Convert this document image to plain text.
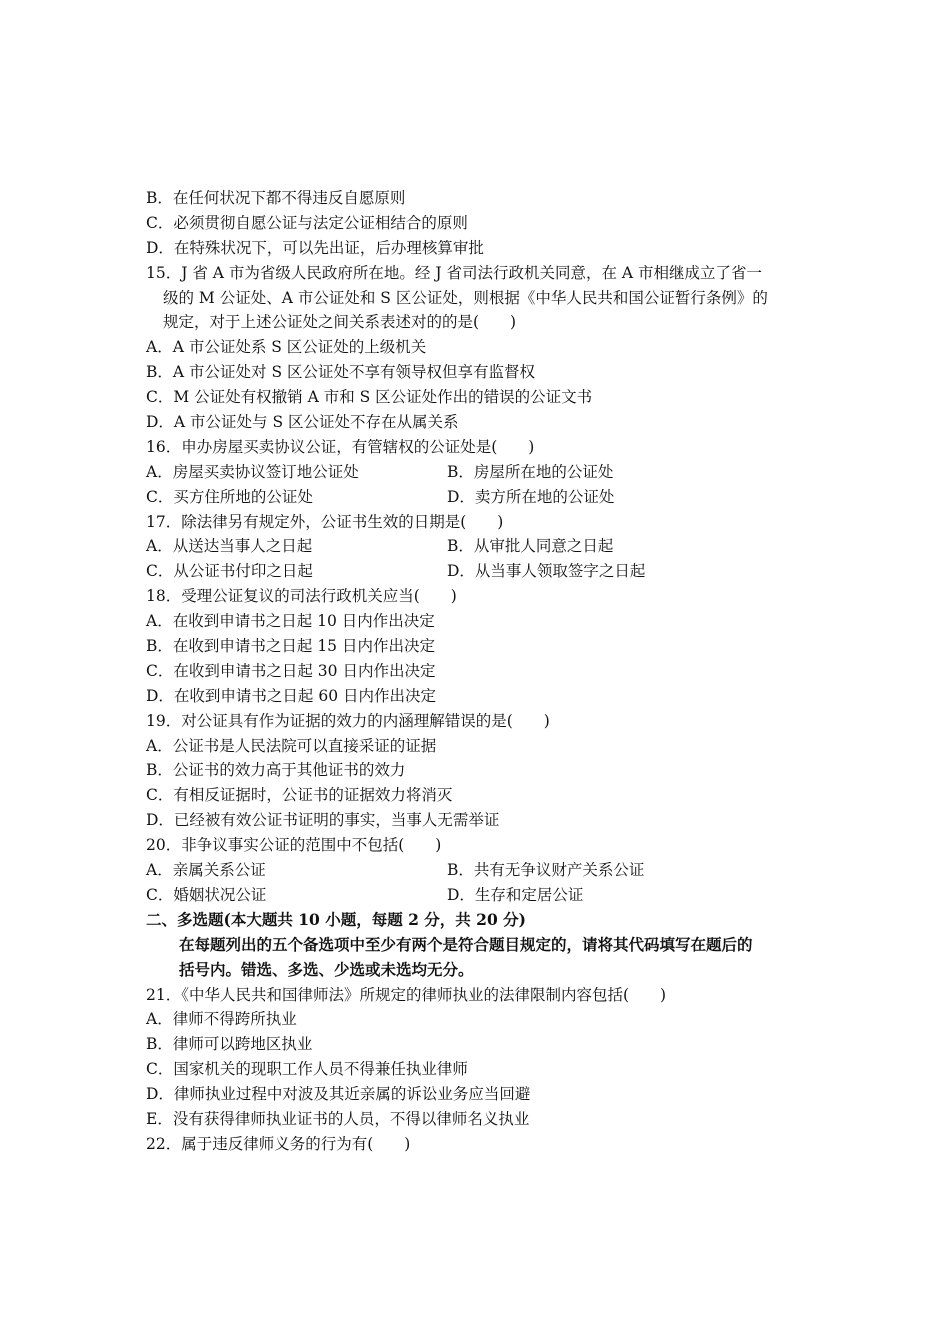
B．在任何状况下都不得违反自愿原则
C．必须贯彻自愿公证与法定公证相结合的原则
D．在特殊状况下，可以先出证，后办理核算审批
15．J 省 A 市为省级人民政府所在地。经 J 省司法行政机关同意，在 A 市相继成立了省一
级的 M 公证处、A 市公证处和 S 区公证处，则根据《中华人民共和国公证暂行条例》的
规定，对于上述公证处之间关系表述对的的是(　　)
A．A 市公证处系 S 区公证处的上级机关
B．A 市公证处对 S 区公证处不享有领导权但享有监督权
C．M 公证处有权撤销 A 市和 S 区公证处作出的错误的公证文书
D．A 市公证处与 S 区公证处不存在从属关系
16．申办房屋买卖协议公证，有管辖权的公证处是(　　)
A．房屋买卖协议签订地公证处	B．房屋所在地的公证处
C．买方住所地的公证处	D．卖方所在地的公证处
17．除法律另有规定外，公证书生效的日期是(　　)
A．从送达当事人之日起	B．从审批人同意之日起
C．从公证书付印之日起	D．从当事人领取签字之日起
18．受理公证复议的司法行政机关应当(　　)
A．在收到申请书之日起 10 日内作出决定
B．在收到申请书之日起 15 日内作出决定
C．在收到申请书之日起 30 日内作出决定
D．在收到申请书之日起 60 日内作出决定
19．对公证具有作为证据的效力的内涵理解错误的是(　　)
A．公证书是人民法院可以直接采证的证据
B．公证书的效力高于其他证书的效力
C．有相反证据时，公证书的证据效力将消灭
D．已经被有效公证书证明的事实，当事人无需举证
20．非争议事实公证的范围中不包括(　　)
A．亲属关系公证	B．共有无争议财产关系公证
C．婚姻状况公证	D．生存和定居公证
二、多选题(本大题共 10 小题，每题 2 分，共 20 分)
在每题列出的五个备选项中至少有两个是符合题目规定的，请将其代码填写在题后的
括号内。错选、多选、少选或未选均无分。
21．《中华人民共和国律师法》所规定的律师执业的法律限制内容包括(　　)
A．律师不得跨所执业
B．律师可以跨地区执业
C．国家机关的现职工作人员不得兼任执业律师
D．律师执业过程中对波及其近亲属的诉讼业务应当回避
E．没有获得律师执业证书的人员，不得以律师名义执业
22．属于违反律师义务的行为有(　　)
